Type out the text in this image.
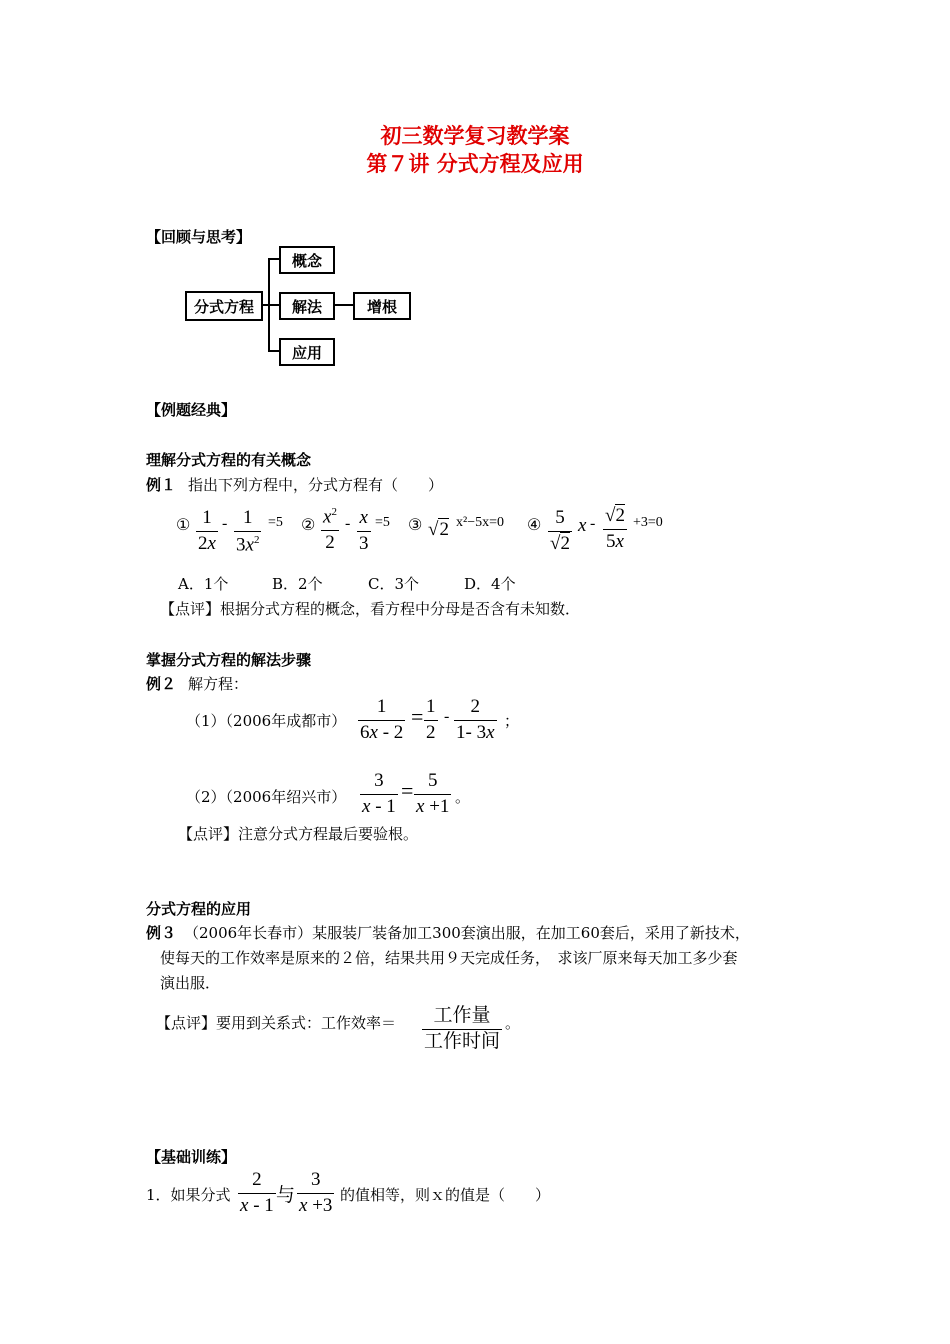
初三数学复习教学案
第７讲 分式方程及应用
【回顾与思考】
分式方程
概念
解法
应用
增根
【例题经典】
理解分式方程的有关概念
例１ 指出下列方程中，分式方程有（　　）
① 1
2x
- 1
$3x^2$
=5 ② $x^2$
2
- x
3
=5 ③ √2 x²−5x=0 ④ 5
√2
x - √2
5x
+3=0
A．1个	B．2个	C．3个	D．4个
【点评】根据分式方程的概念，看方程中分母是否含有未知数．
掌握分式方程的解法步骤
例２ 解方程：
（1）（2006年成都市）
1
6x - 2
= 1
2
- 2
1- 3x
；
（2）（2006年绍兴市）
3
x - 1
= 5
x +1 。
【点评】注意分式方程最后要验根。
分式方程的应用
例３ （2006年长春市）某服装厂装备加工300套演出服，在加工60套后，采用了新技术，
使每天的工作效率是原来的２倍，结果共用９天完成任务，　求该厂原来每天加工多少套
演出服．
【点评】要用到关系式：工作效率＝ 工作量
工作时间
。
【基础训练】
1．如果分式
2
x - 1 与
3
x +3 的值相等，则ｘ的值是（　　）
